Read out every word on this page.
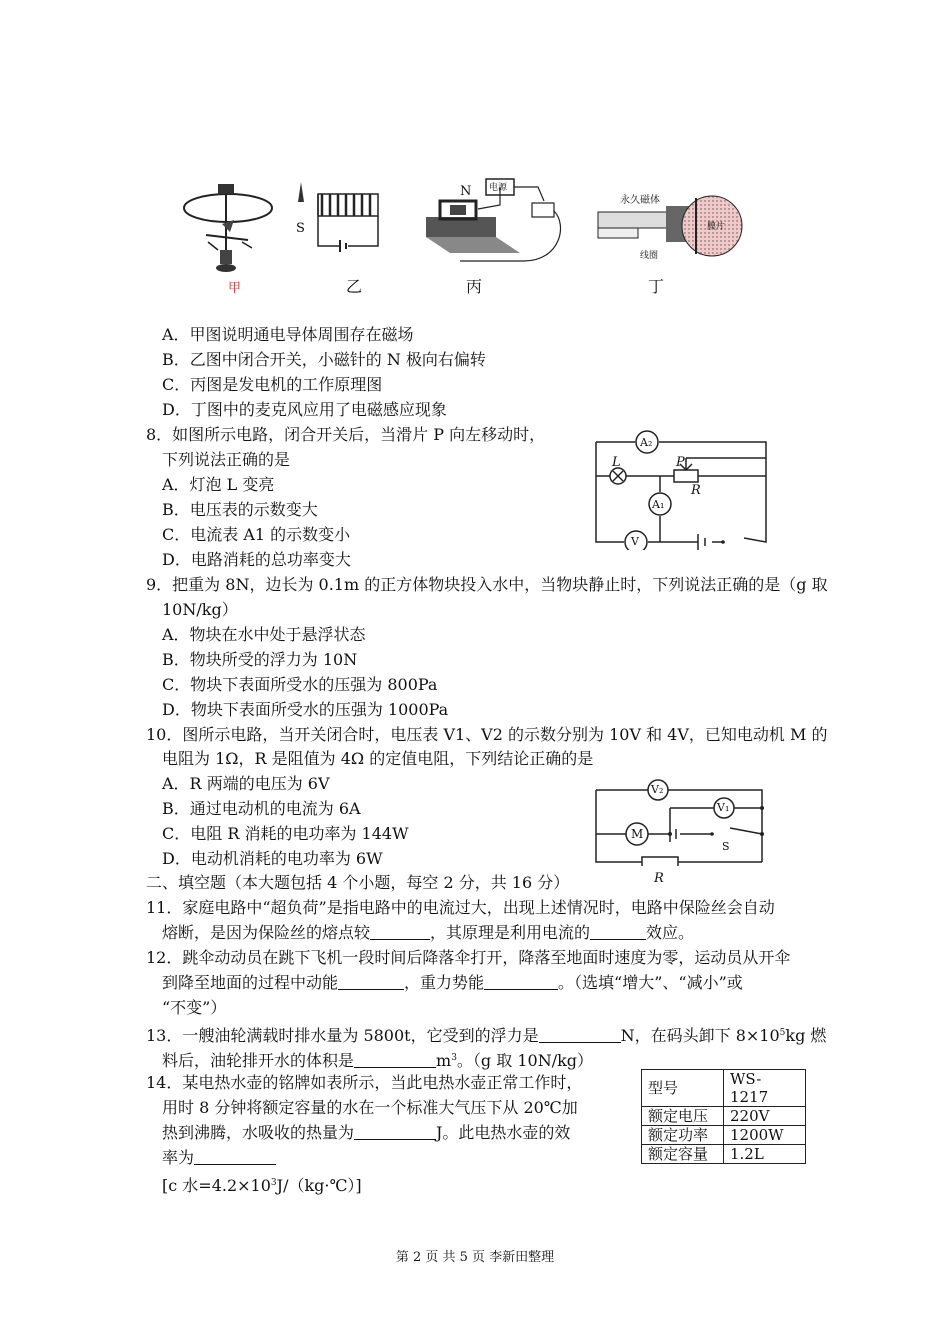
甲
S
乙
N 电源
丙
永久磁体
线圈
膜片
丁
A．甲图说明通电导体周围存在磁场
B．乙图中闭合开关，小磁针的 N 极向右偏转
C．丙图是发电机的工作原理图
D．丁图中的麦克风应用了电磁感应现象
8．如图所示电路，闭合开关后，当滑片 P 向左移动时，
下列说法正确的是
A．灯泡 L 变亮
B．电压表的示数变大
C．电流表 A1 的示数变小
D．电路消耗的总功率变大
A₂
L	P
R
A₁
V
9．把重为 8N，边长为 0.1m 的正方体物块投入水中，当物块静止时，下列说法正确的是（g 取
10N/kg）
A．物块在水中处于悬浮状态
B．物块所受的浮力为 10N
C．物块下表面所受水的压强为 800Pa
D．物块下表面所受水的压强为 1000Pa
10．图所示电路，当开关闭合时，电压表 V1、V2 的示数分别为 10V 和 4V，已知电动机 M 的
电阻为 1Ω，R 是阻值为 4Ω 的定值电阻，下列结论正确的是
A．R 两端的电压为 6V
B．通过电动机的电流为 6A
C．电阻 R 消耗的电功率为 144W
D．电动机消耗的电功率为 6W
V₂
V₁
M
S
R
二、填空题（本大题包括 4 个小题，每空 2 分，共 16 分）
11．家庭电路中“超负荷”是指电路中的电流过大，出现上述情况时，电路中保险丝会自动
熔断，是因为保险丝的熔点较	，其原理是利用电流的	效应。
12．跳伞动动员在跳下飞机一段时间后降落伞打开，降落至地面时速度为零，运动员从开伞
到降至地面的过程中动能	，重力势能	。（选填“增大”、“减小”或
“不变”）
13．一艘油轮满载时排水量为 5800t，它受到的浮力是	N，在码头卸下 $8\times 10^5kg$ 燃
料后，油轮排开水的体积是	$m^3$。（g 取 10N/kg）
14．某电热水壶的铭牌如表所示，当此电热水壶正常工作时，
用时 8 分钟将额定容量的水在一个标准大气压下从 20℃加
热到沸腾，水吸收的热量为	J。此电热水壶的效
率为
[c 水$=4.2\times 10^3J/(kg\cdot℃)$]
型号	WS-1217
额定电压	220V
额定功率	1200W
额定容量	1.2L
第 2 页 共 5 页 李新田整理
